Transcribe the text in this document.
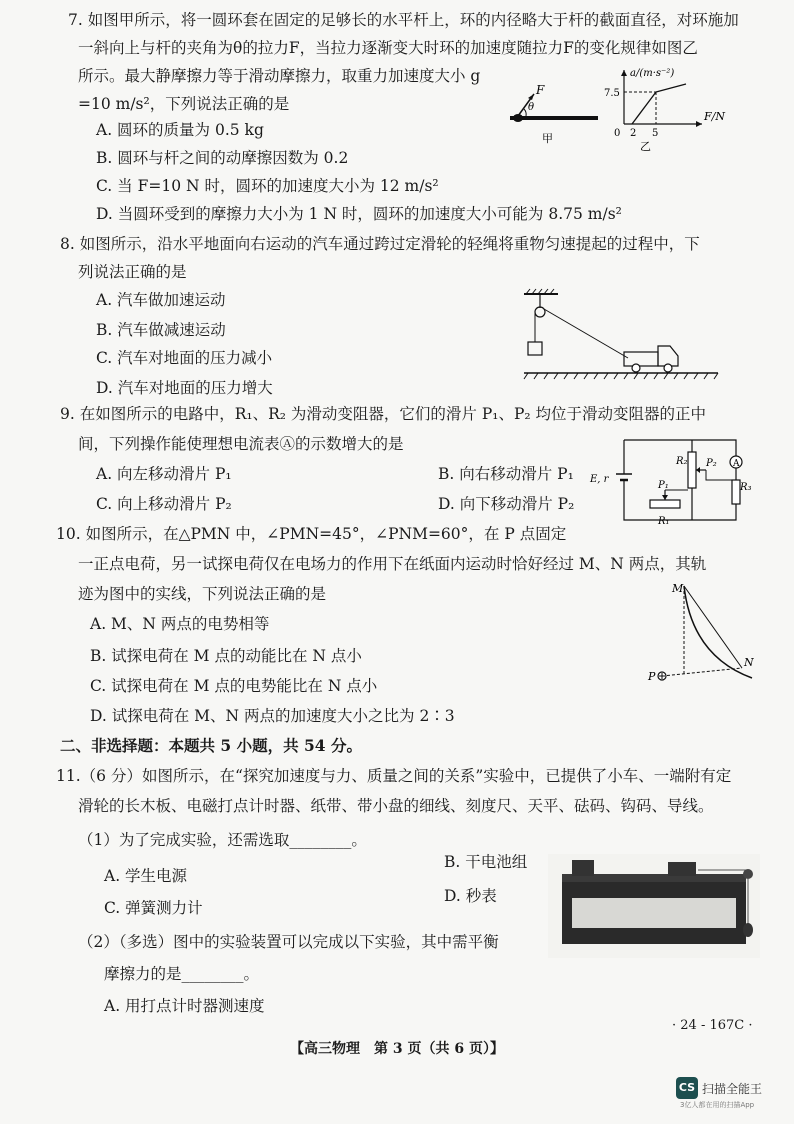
7. 如图甲所示，将一圆环套在固定的足够长的水平杆上，环的内径略大于杆的截面直径，对环施加
一斜向上与杆的夹角为θ的拉力F，当拉力逐渐变大时环的加速度随拉力F的变化规律如图乙
所示。最大静摩擦力等于滑动摩擦力，取重力加速度大小 g
=10 m/s²，下列说法正确的是
A. 圆环的质量为 0.5 kg
B. 圆环与杆之间的动摩擦因数为 0.2
C. 当 F=10 N 时，圆环的加速度大小为 12 m/s²
D. 当圆环受到的摩擦力大小为 1 N 时，圆环的加速度大小可能为 8.75 m/s²
F
θ
甲
a/(m·s⁻²)
F/N
7.5
0 2 5
乙
8. 如图所示，沿水平地面向右运动的汽车通过跨过定滑轮的轻绳将重物匀速提起的过程中，下
列说法正确的是
A. 汽车做加速运动
B. 汽车做减速运动
C. 汽车对地面的压力减小
D. 汽车对地面的压力增大
9. 在如图所示的电路中，R₁、R₂ 为滑动变阻器，它们的滑片 P₁、P₂ 均位于滑动变阻器的正中
间，下列操作能使理想电流表Ⓐ的示数增大的是
A. 向左移动滑片 P₁	B. 向右移动滑片 P₁
C. 向上移动滑片 P₂	D. 向下移动滑片 P₂
A
R₃
R₂ P₂
R₁
P₁
E, r
10. 如图所示，在△PMN 中，∠PMN=45°，∠PNM=60°，在 P 点固定
一正点电荷，另一试探电荷仅在电场力的作用下在纸面内运动时恰好经过 M、N 两点，其轨
迹为图中的实线，下列说法正确的是
A. M、N 两点的电势相等
B. 试探电荷在 M 点的动能比在 N 点小
C. 试探电荷在 M 点的电势能比在 N 点小
D. 试探电荷在 M、N 两点的加速度大小之比为 2∶3
M
N
P
二、非选择题：本题共 5 小题，共 54 分。
11.（6 分）如图所示，在“探究加速度与力、质量之间的关系”实验中，已提供了小车、一端附有定
滑轮的长木板、电磁打点计时器、纸带、带小盘的细线、刻度尺、天平、砝码、钩码、导线。
（1）为了完成实验，还需选取________。
A. 学生电源
B. 干电池组
C. 弹簧测力计
D. 秒表
（2）（多选）图中的实验装置可以完成以下实验，其中需平衡
摩擦力的是________。
A. 用打点计时器测速度
【高三物理　第 3 页（共 6 页）】
· 24 - 167C ·
CS 扫描全能王
3亿人都在用的扫描App
